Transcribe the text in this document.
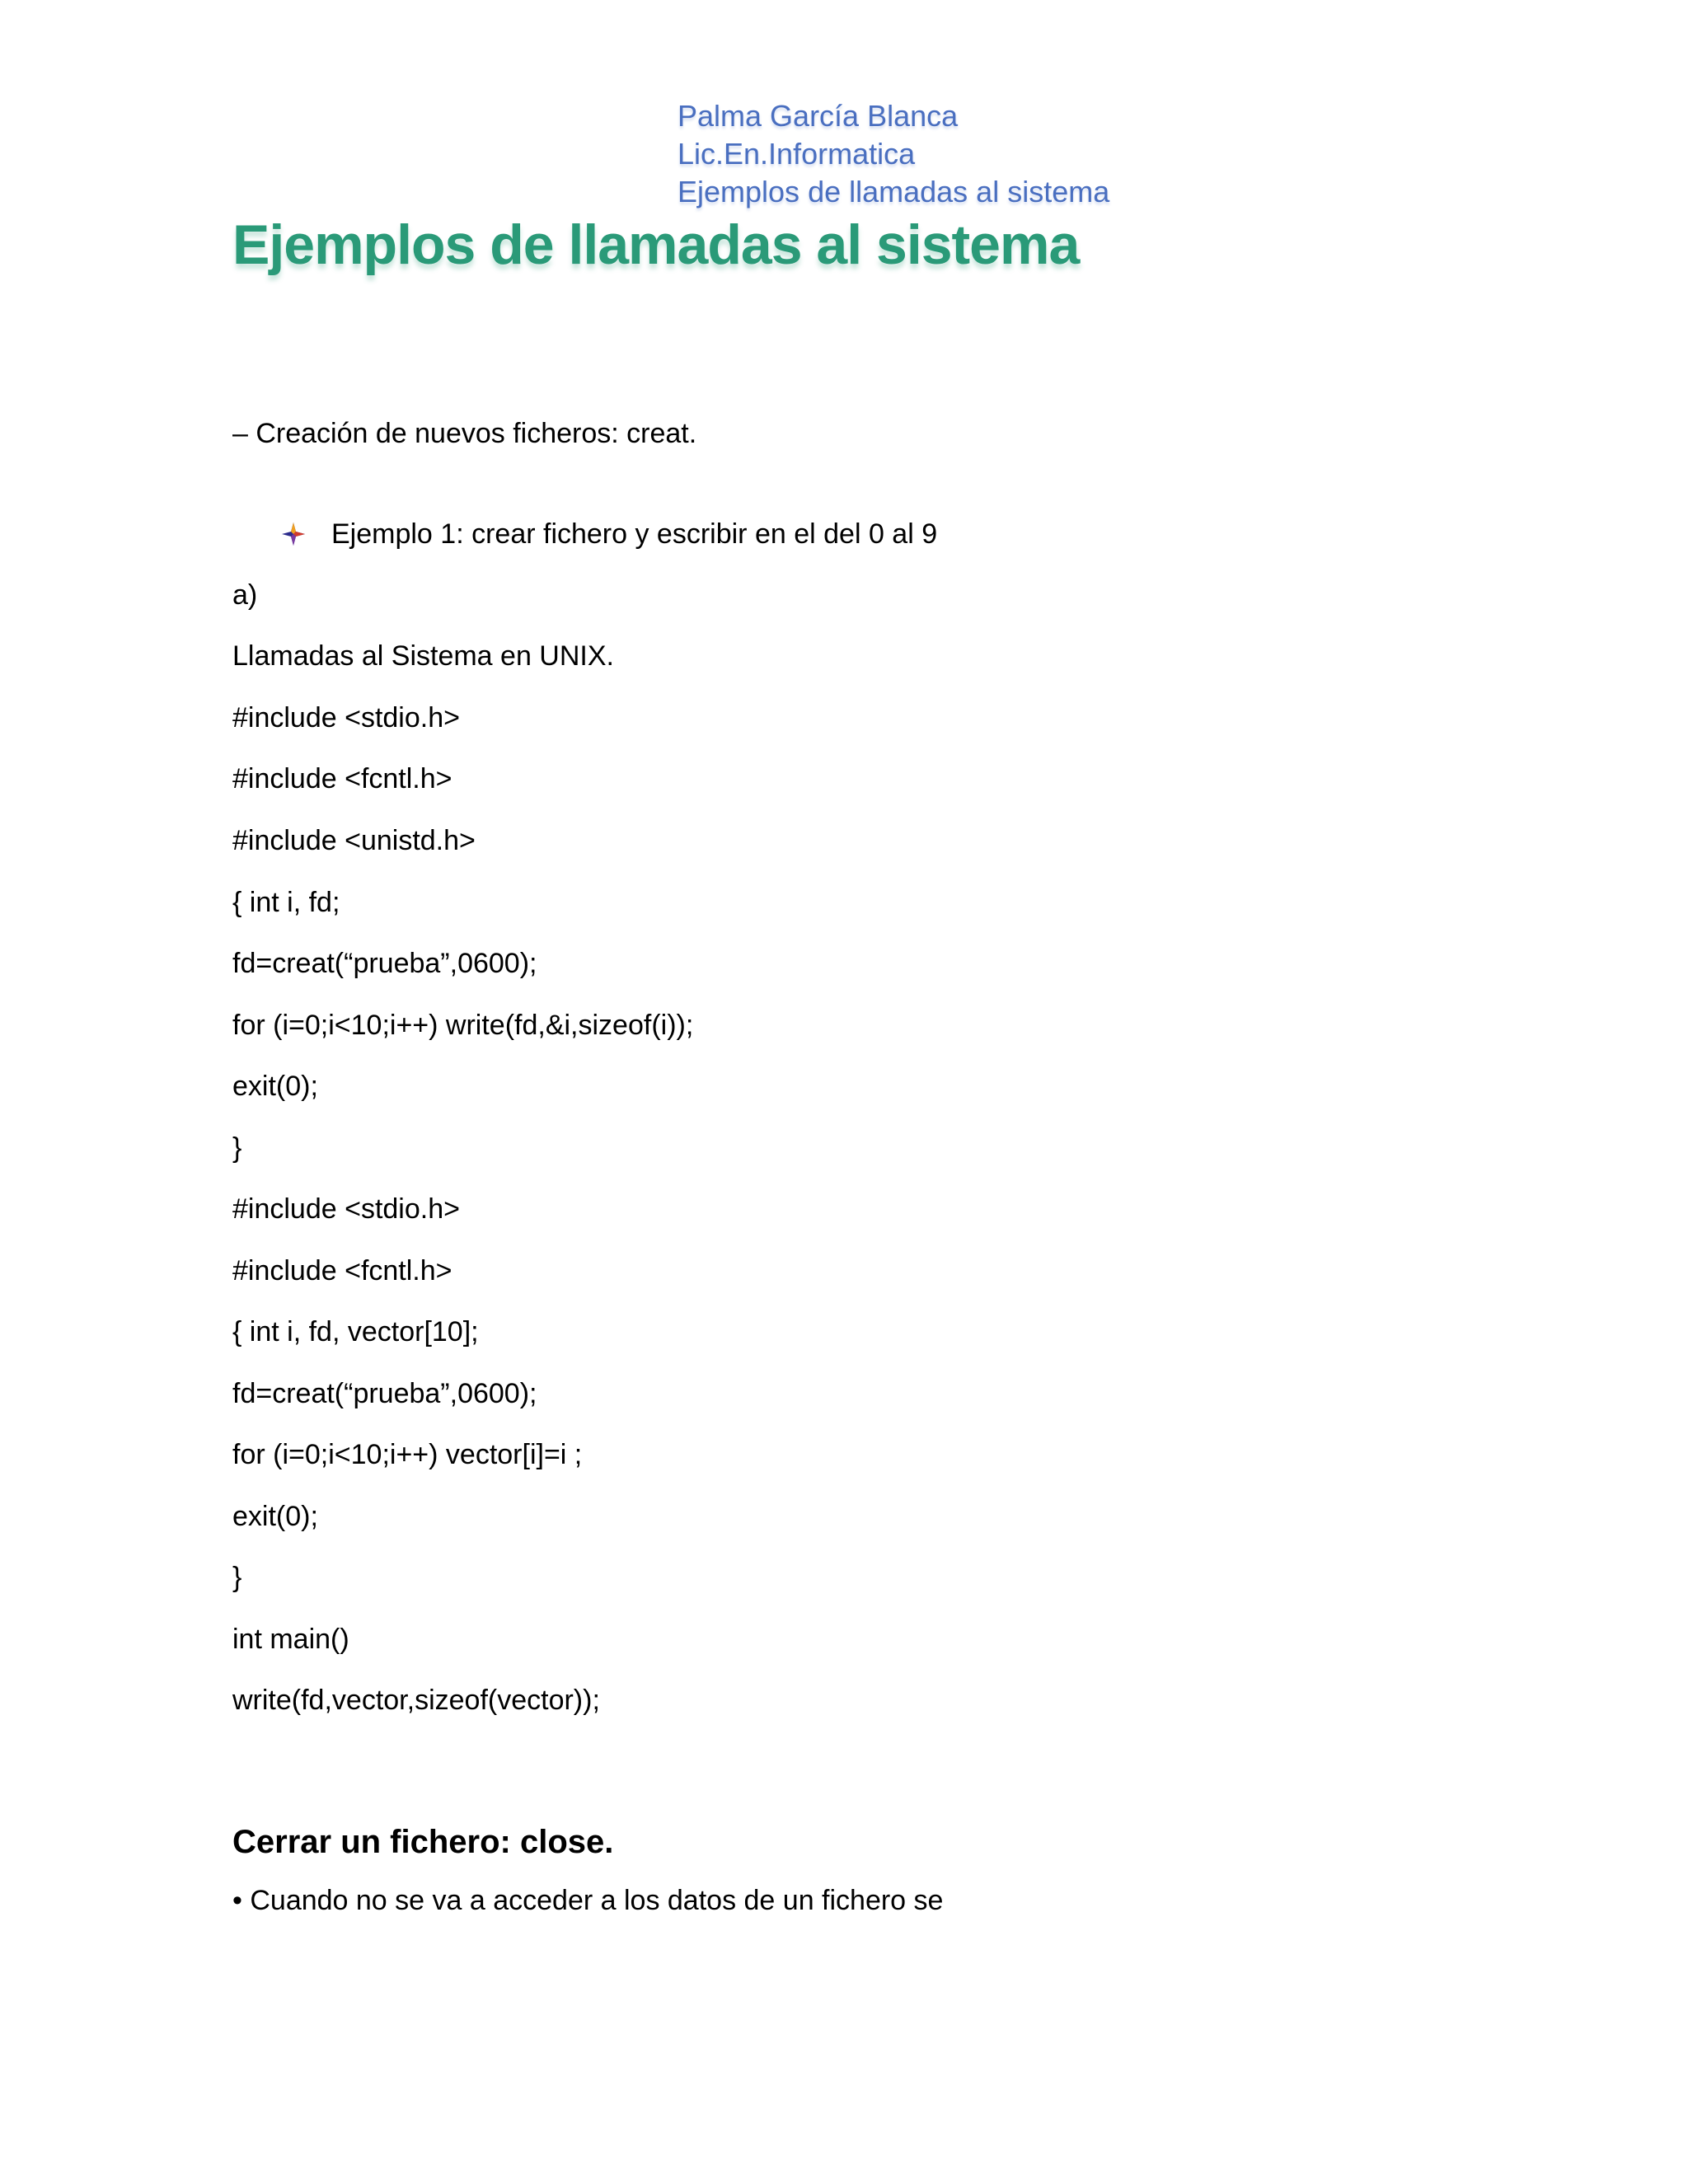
Palma García Blanca
Lic.En.Informatica
Ejemplos de llamadas al sistema
Ejemplos de llamadas al sistema
– Creación de nuevos ficheros: creat.
Ejemplo 1: crear fichero y escribir en el del 0 al 9
a)
Llamadas al Sistema en UNIX.
#include <stdio.h>
#include <fcntl.h>
#include <unistd.h>
{ int i, fd;
fd=creat(“prueba”,0600);
for (i=0;i<10;i++) write(fd,&i,sizeof(i));
exit(0);
}
#include <stdio.h>
#include <fcntl.h>
{ int i, fd, vector[10];
fd=creat(“prueba”,0600);
for (i=0;i<10;i++) vector[i]=i ;
exit(0);
}
int main()
write(fd,vector,sizeof(vector));
Cerrar un fichero: close.
• Cuando no se va a acceder a los datos de un fichero se
